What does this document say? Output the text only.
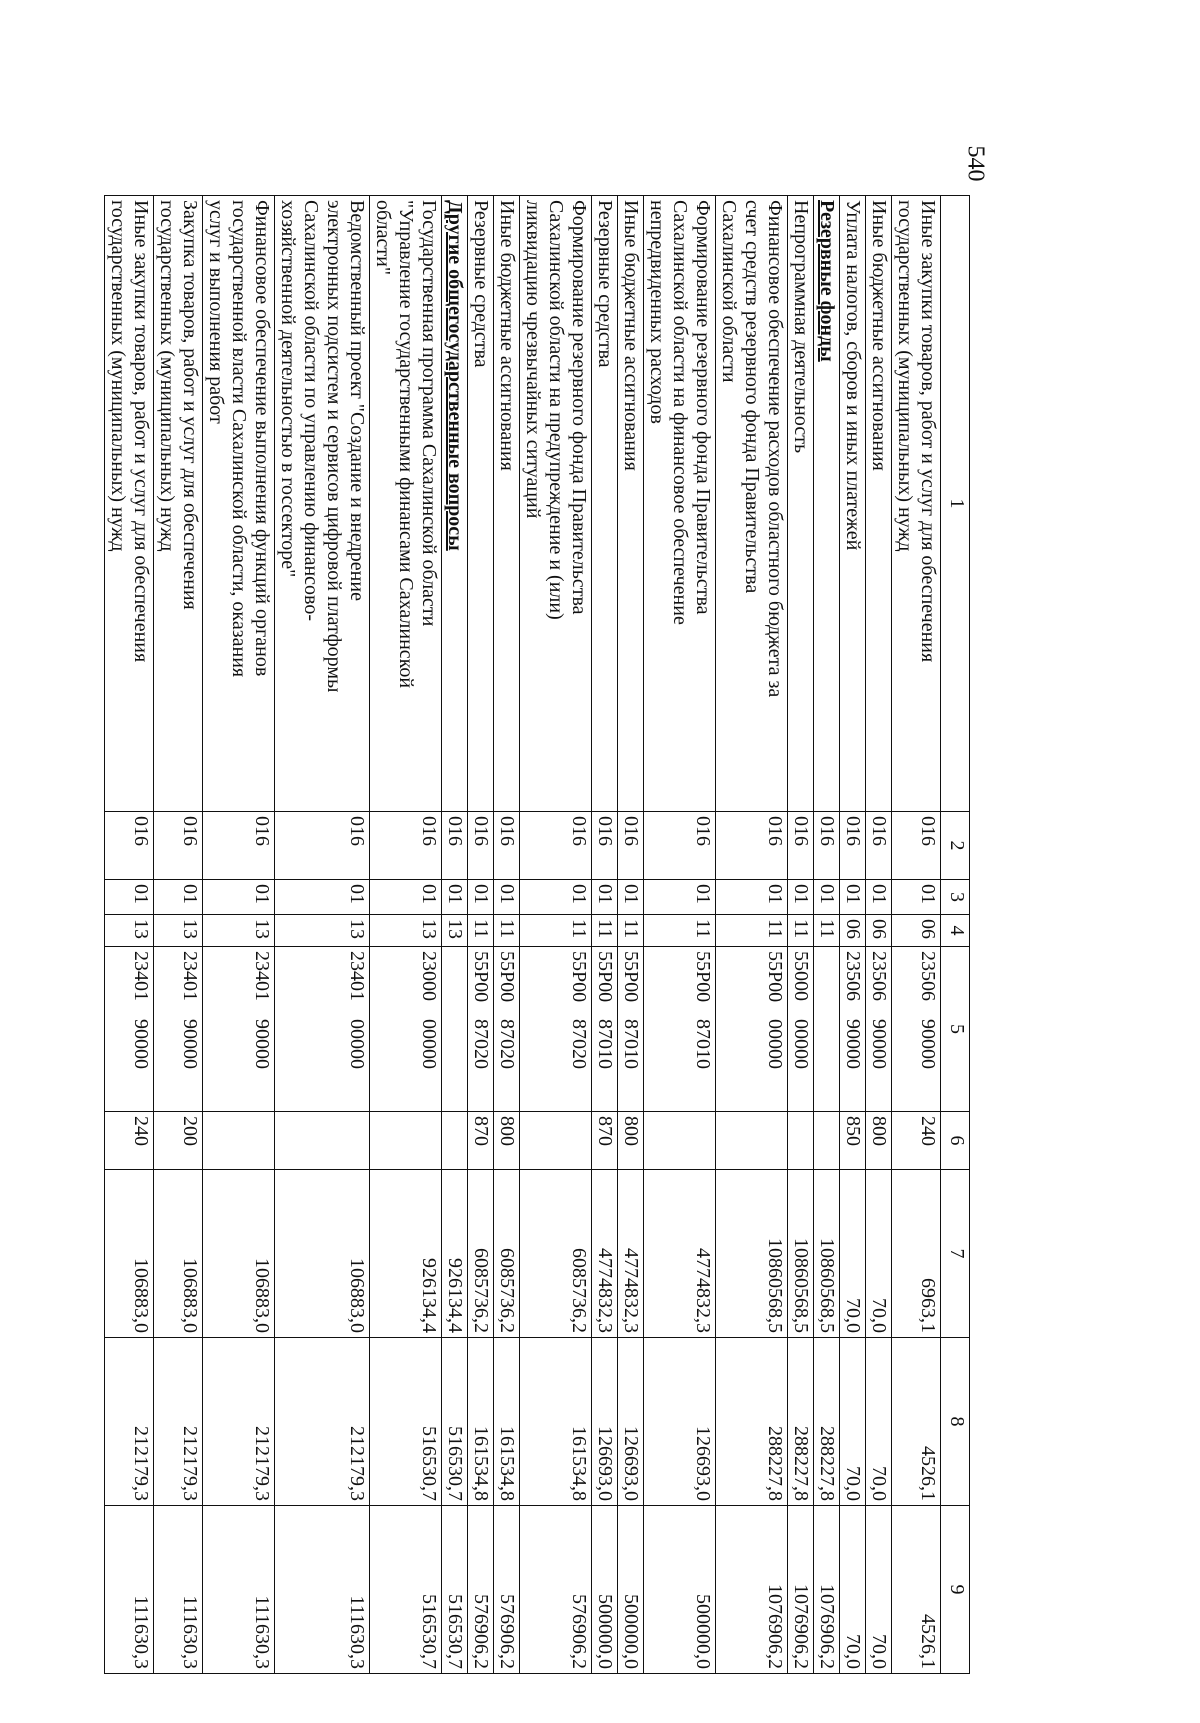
540
1	2	3	4	5	6	7	8	9
Иные закупки товаров, работ и услуг для обеспечения
государственных (муниципальных) нужд	016	01	06	2350690000	240	6963,1	4526,1	4526,1
Иные бюджетные ассигнования	016	01	06	2350690000	800	70,0	70,0	70,0
Уплата налогов, сборов и иных платежей	016	01	06	2350690000	850	70,0	70,0	70,0
Резервные фонды	016	01	11			10860568,5	288227,8	1076906,2
Непрограммная деятельность	016	01	11	5500000000		10860568,5	288227,8	1076906,2
Финансовое обеспечение расходов областного бюджета за
счет средств резервного фонда Правительства
Сахалинской области	016	01	11	55P0000000		10860568,5	288227,8	1076906,2
Формирование резервного фонда Правительства
Сахалинской области на финансовое обеспечение
непредвиденных расходов	016	01	11	55P0087010		4774832,3	126693,0	500000,0
Иные бюджетные ассигнования	016	01	11	55P0087010	800	4774832,3	126693,0	500000,0
Резервные средства	016	01	11	55P0087010	870	4774832,3	126693,0	500000,0
Формирование резервного фонда Правительства
Сахалинской области на предупреждение и (или)
ликвидацию чрезвычайных ситуаций	016	01	11	55P0087020		6085736,2	161534,8	576906,2
Иные бюджетные ассигнования	016	01	11	55P0087020	800	6085736,2	161534,8	576906,2
Резервные средства	016	01	11	55P0087020	870	6085736,2	161534,8	576906,2
Другие общегосударственные вопросы	016	01	13			926134,4	516530,7	516530,7
Государственная программа Сахалинской области
"Управление государственными финансами Сахалинской
области"	016	01	13	2300000000		926134,4	516530,7	516530,7
Ведомственный проект "Создание и внедрение
электронных подсистем и сервисов цифровой платформы
Сахалинской области по управлению финансово-
хозяйственной деятельностью в госсекторе"	016	01	13	2340100000		106883,0	212179,3	111630,3
Финансовое обеспечение выполнения функций органов
государственной власти Сахалинской области, оказания
услуг и выполнения работ	016	01	13	2340190000		106883,0	212179,3	111630,3
Закупка товаров, работ и услуг для обеспечения
государственных (муниципальных) нужд	016	01	13	2340190000	200	106883,0	212179,3	111630,3
Иные закупки товаров, работ и услуг для обеспечения
государственных (муниципальных) нужд	016	01	13	2340190000	240	106883,0	212179,3	111630,3
